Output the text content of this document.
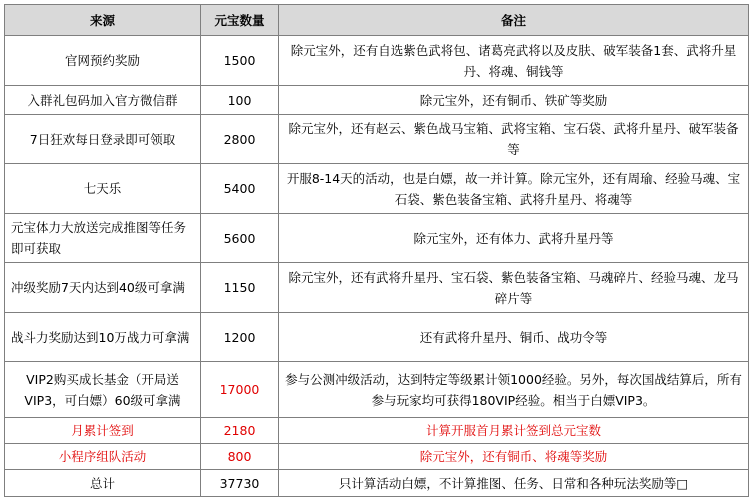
来源	元宝数量	备注
官网预约奖励	1500	除元宝外，还有自选紫色武将包、诸葛亮武将以及皮肤、破军装备1套、武将升星丹、将魂、铜钱等
入群礼包码加入官方微信群	100	除元宝外，还有铜币、铁矿等奖励
7日狂欢每日登录即可领取	2800	除元宝外，还有赵云、紫色战马宝箱、武将宝箱、宝石袋、武将升星丹、破军装备等
七天乐	5400	开服8-14天的活动，也是白嫖，故一并计算。除元宝外，还有周瑜、经验马魂、宝石袋、紫色装备宝箱、武将升星丹、将魂等
元宝体力大放送完成推图等任务即可获取	5600	除元宝外，还有体力、武将升星丹等
冲级奖励7天内达到40级可拿满	1150	除元宝外，还有武将升星丹、宝石袋、紫色装备宝箱、马魂碎片、经验马魂、龙马碎片等
战斗力奖励达到10万战力可拿满	1200	还有武将升星丹、铜币、战功令等
VIP2购买成长基金（开局送VIP3，可白嫖）60级可拿满	17000	参与公测冲级活动，达到特定等级累计领1000经验。另外，每次国战结算后，所有参与玩家均可获得180VIP经验。相当于白嫖VIP3。
月累计签到	2180	计算开服首月累计签到总元宝数
小程序组队活动	800	除元宝外，还有铜币、将魂等奖励
总计	37730	只计算活动白嫖，不计算推图、任务、日常和各种玩法奖励等□
